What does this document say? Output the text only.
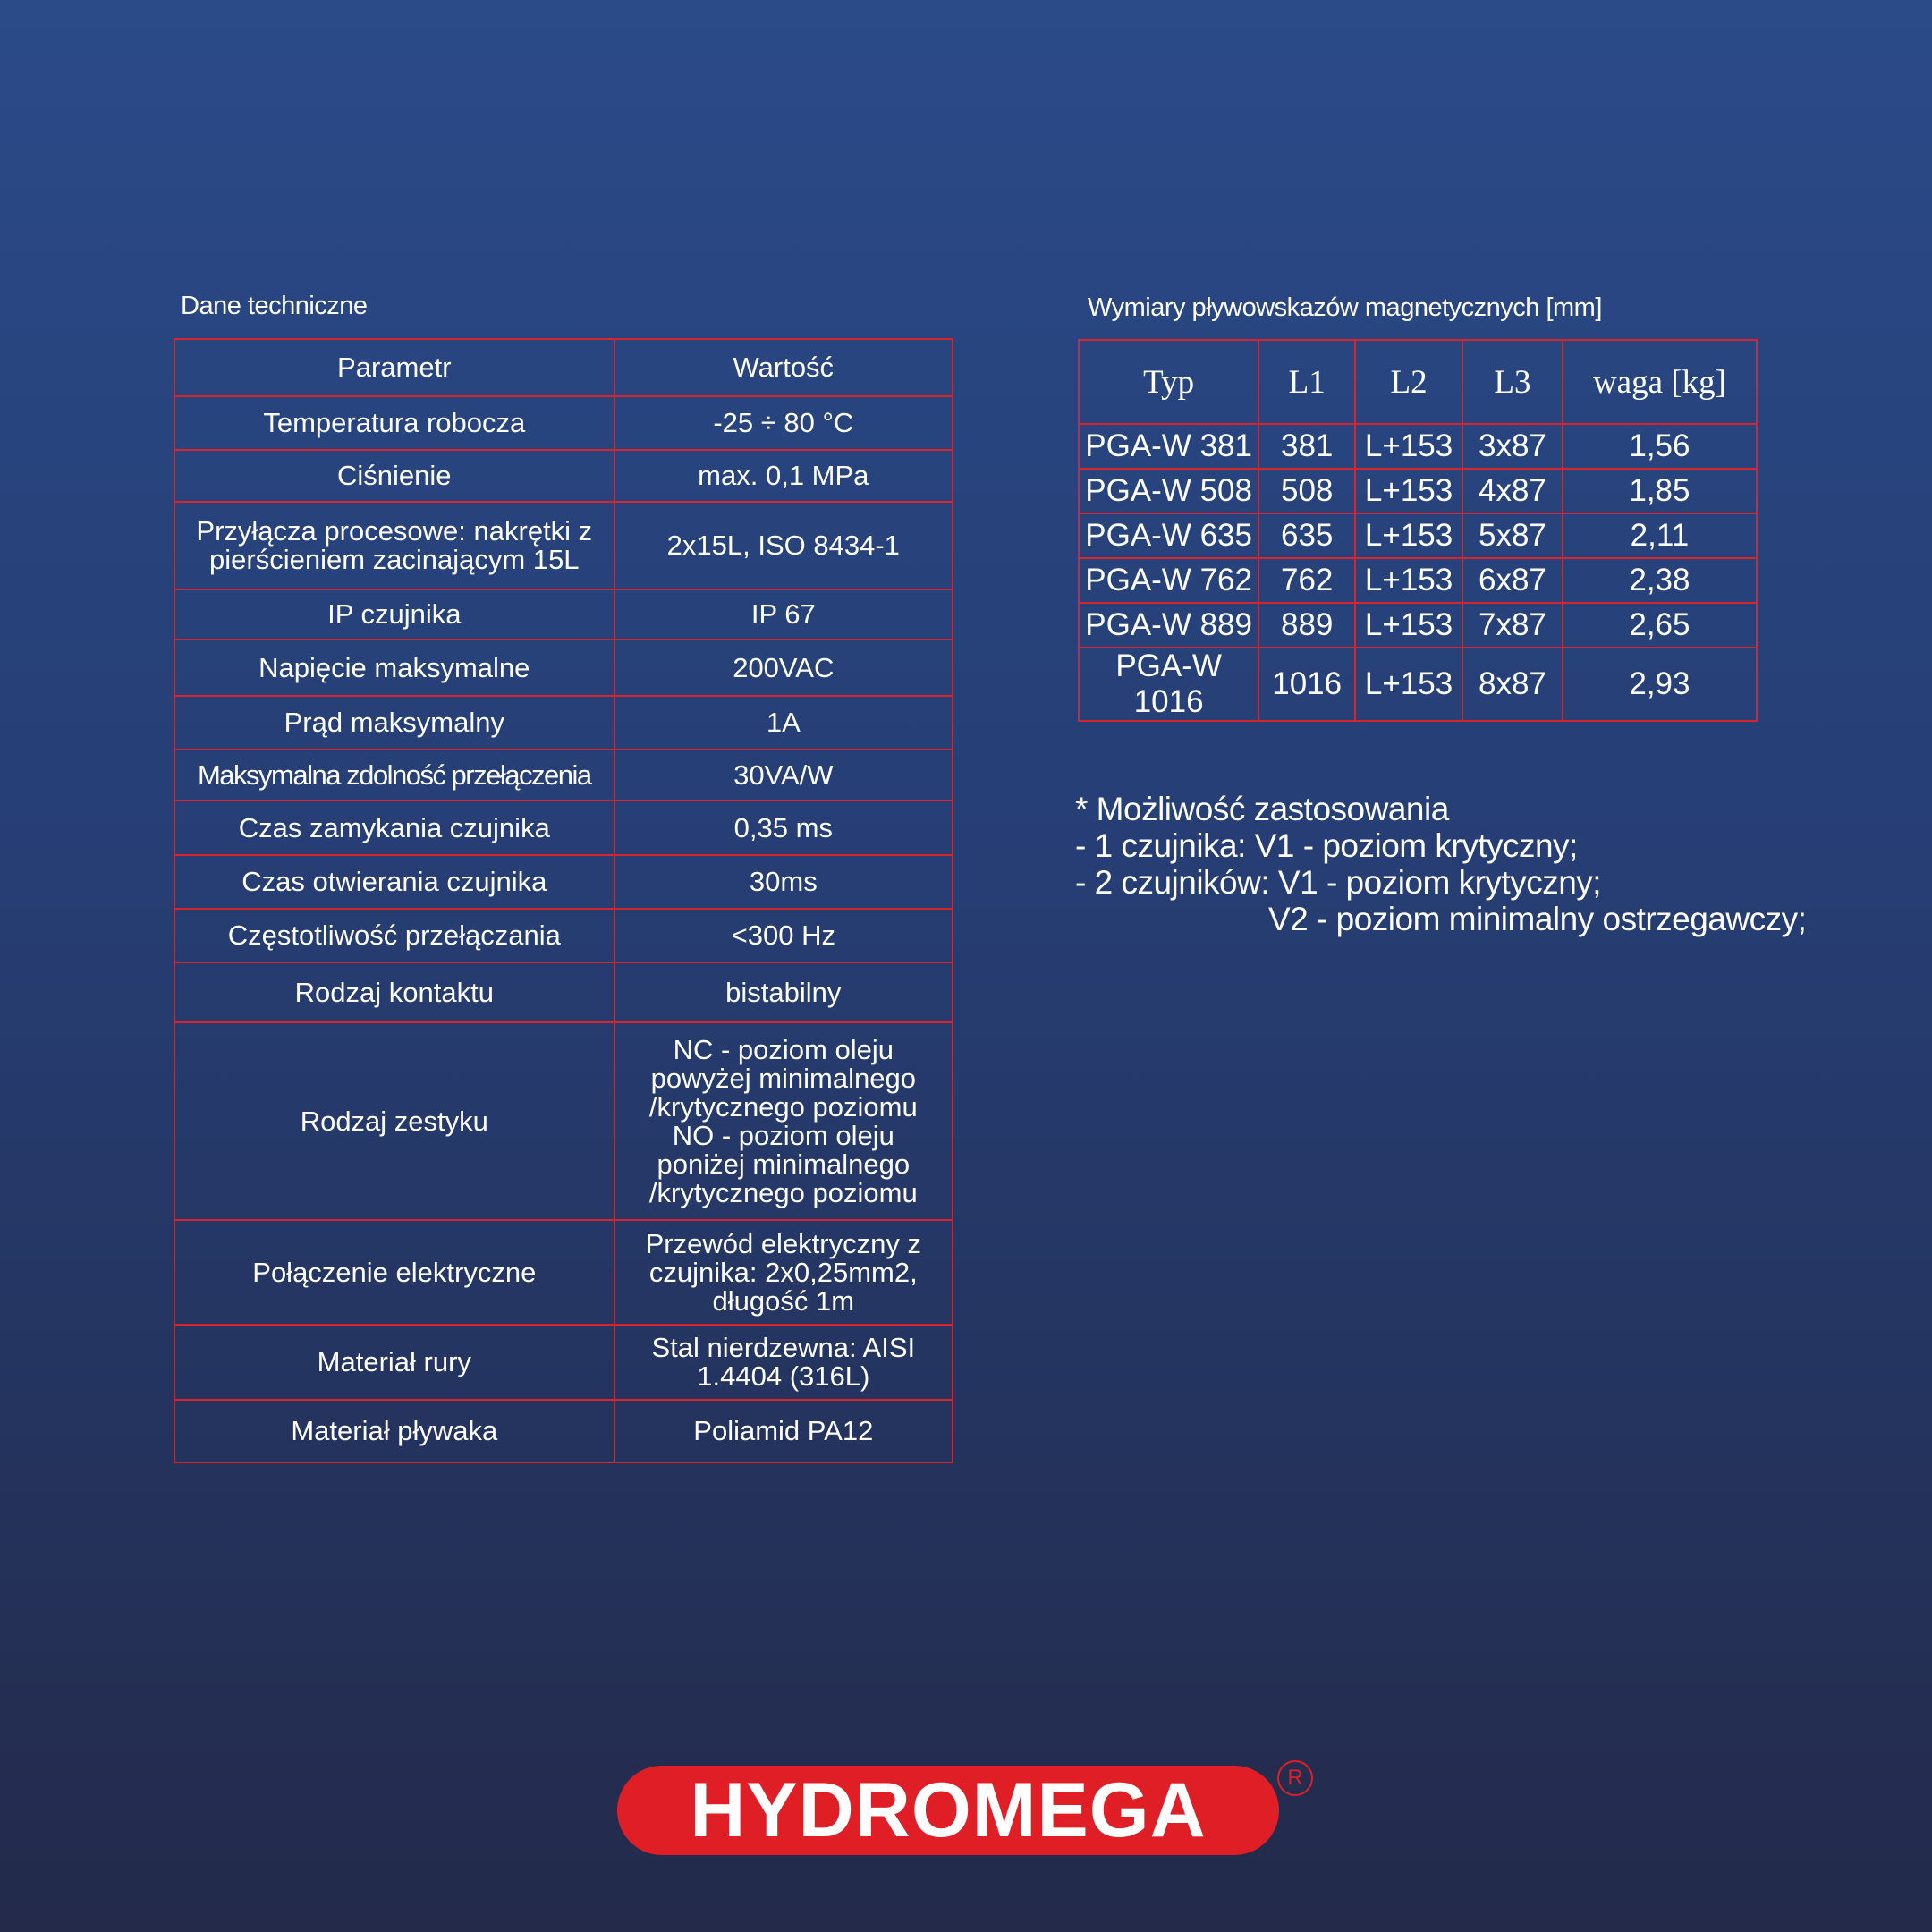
Dane techniczne
Parametr	Wartość
Temperatura robocza	-25 ÷ 80 °C
Ciśnienie	max. 0,1 MPa
Przyłącza procesowe: nakrętki z pierścieniem zacinającym 15L	2x15L, ISO 8434-1
IP czujnika	IP 67
Napięcie maksymalne	200VAC
Prąd maksymalny	1A
Maksymalna zdolność przełączenia	30VA/W
Czas zamykania czujnika	0,35 ms
Czas otwierania czujnika	30ms
Częstotliwość przełączania	<300 Hz
Rodzaj kontaktu	bistabilny
Rodzaj zestyku	NC - poziom oleju powyżej minimalnego /krytycznego poziomu NO - poziom oleju poniżej minimalnego /krytycznego poziomu
Połączenie elektryczne	Przewód elektryczny z czujnika: 2x0,25mm2, długość 1m
Materiał rury	Stal nierdzewna: AISI 1.4404 (316L)
Materiał pływaka	Poliamid PA12
Wymiary pływowskazów magnetycznych [mm]
Typ	L1	L2	L3	waga [kg]
PGA-W 381	381	L+153	3x87	1,56
PGA-W 508	508	L+153	4x87	1,85
PGA-W 635	635	L+153	5x87	2,11
PGA-W 762	762	L+153	6x87	2,38
PGA-W 889	889	L+153	7x87	2,65
PGA-W 1016	1016	L+153	8x87	2,93
* Możliwość zastosowania
- 1 czujnika: V1 - poziom krytyczny;
- 2 czujników: V1 - poziom krytyczny;
V2 - poziom minimalny ostrzegawczy;
HYDROMEGA	R
